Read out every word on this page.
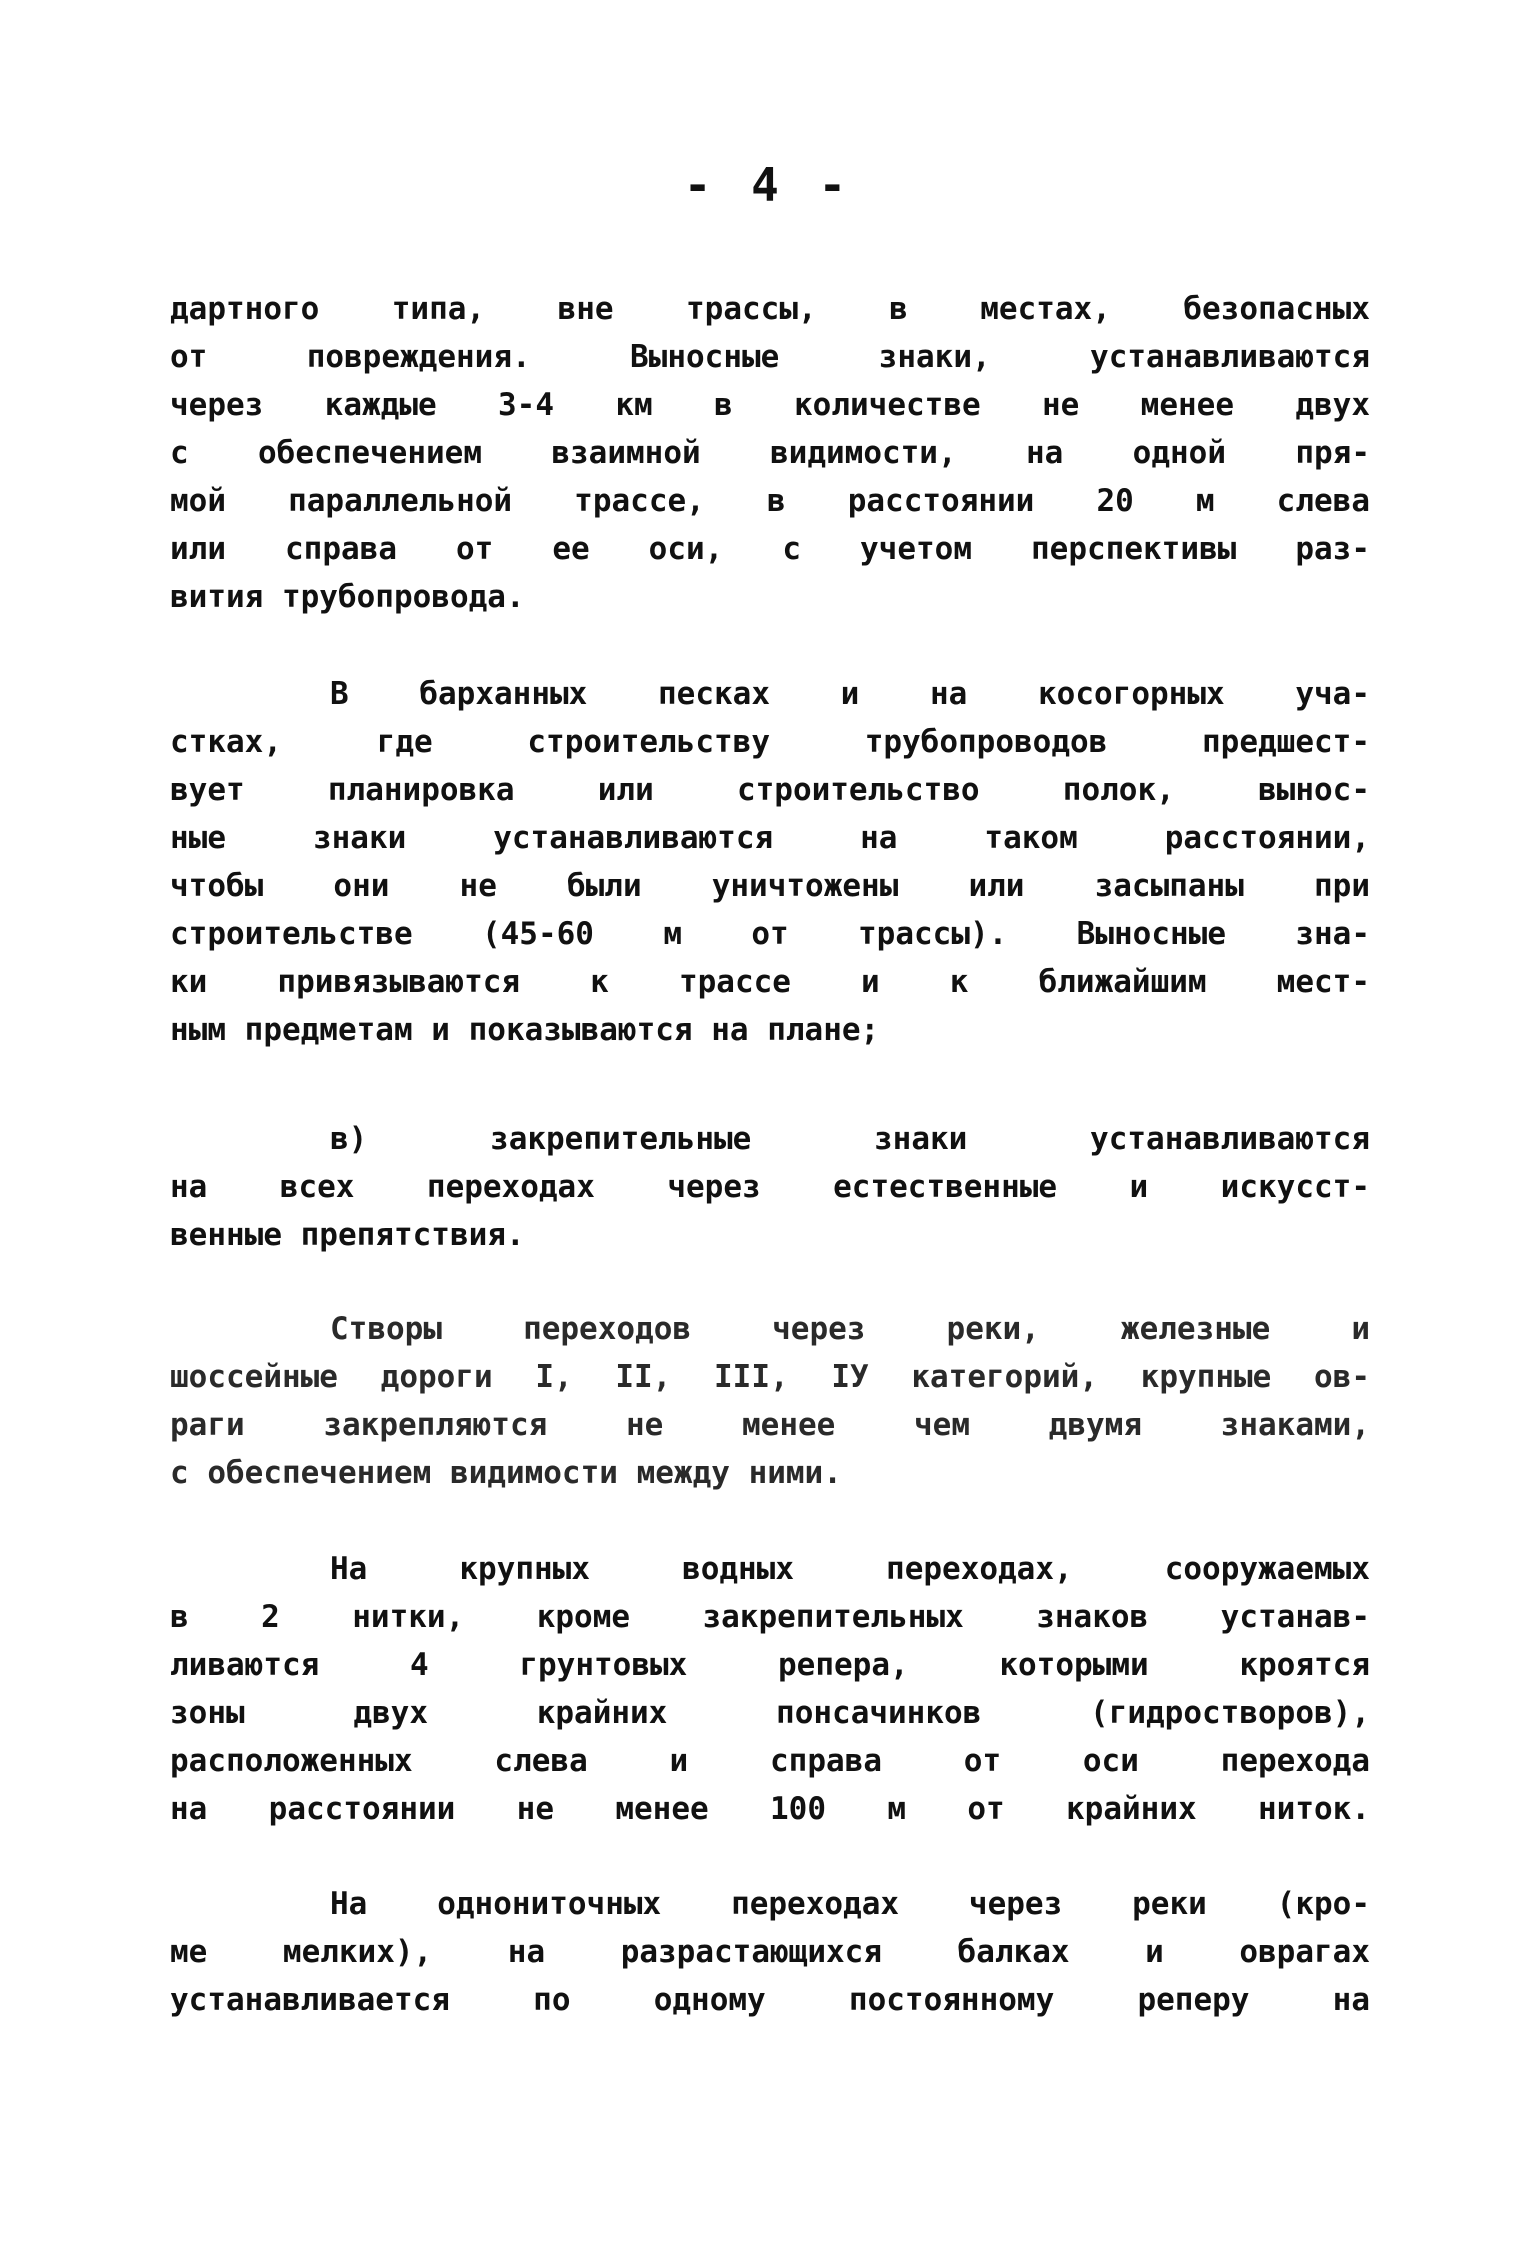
- 4 -
дартного типа, вне трассы, в местах, безопасных
от повреждения. Выносные знаки, устанавливаются
через каждые 3-4 км в количестве не менее двух
с обеспечением взаимной видимости, на одной пря-
мой параллельной трассе, в расстоянии 20 м слева
или справа от ее оси, с учетом перспективы раз-
вития трубопровода.
В барханных песках и на косогорных уча-
стках, где строительству трубопроводов предшест-
вует планировка или строительство полок, выноc-
ные знаки устанавливаются на таком расстоянии,
чтобы они не были уничтожены или засыпаны при
строительстве (45-60 м от трассы). Выносные зна-
ки привязываются к трассе и к ближайшим мест-
ным предметам и показываются на плане;
в) закрепительные знаки устанавливаются
на всех переходах через естественные и искусст-
венные препятствия.
Створы переходов через реки, железные и
шоссейные дороги I, II, III, IУ категорий, крупные ов-
раги закрепляются не менее чем двумя знаками,
с обеспечением видимости между ними.
На крупных водных переходах, сооружаемых
в 2 нитки, кроме закрепительных знаков устанав-
ливаются 4 грунтовых репера, которыми кроятся
зоны двух крайних понсачинков (гидростворов),
расположенных слева и справа от оси перехода
на расстоянии не менее 100 м от крайних ниток.
На однониточных переходах через реки (кро-
ме мелких), на разрастающихся балках и оврагах
устанавливается по одному постоянному реперу на
